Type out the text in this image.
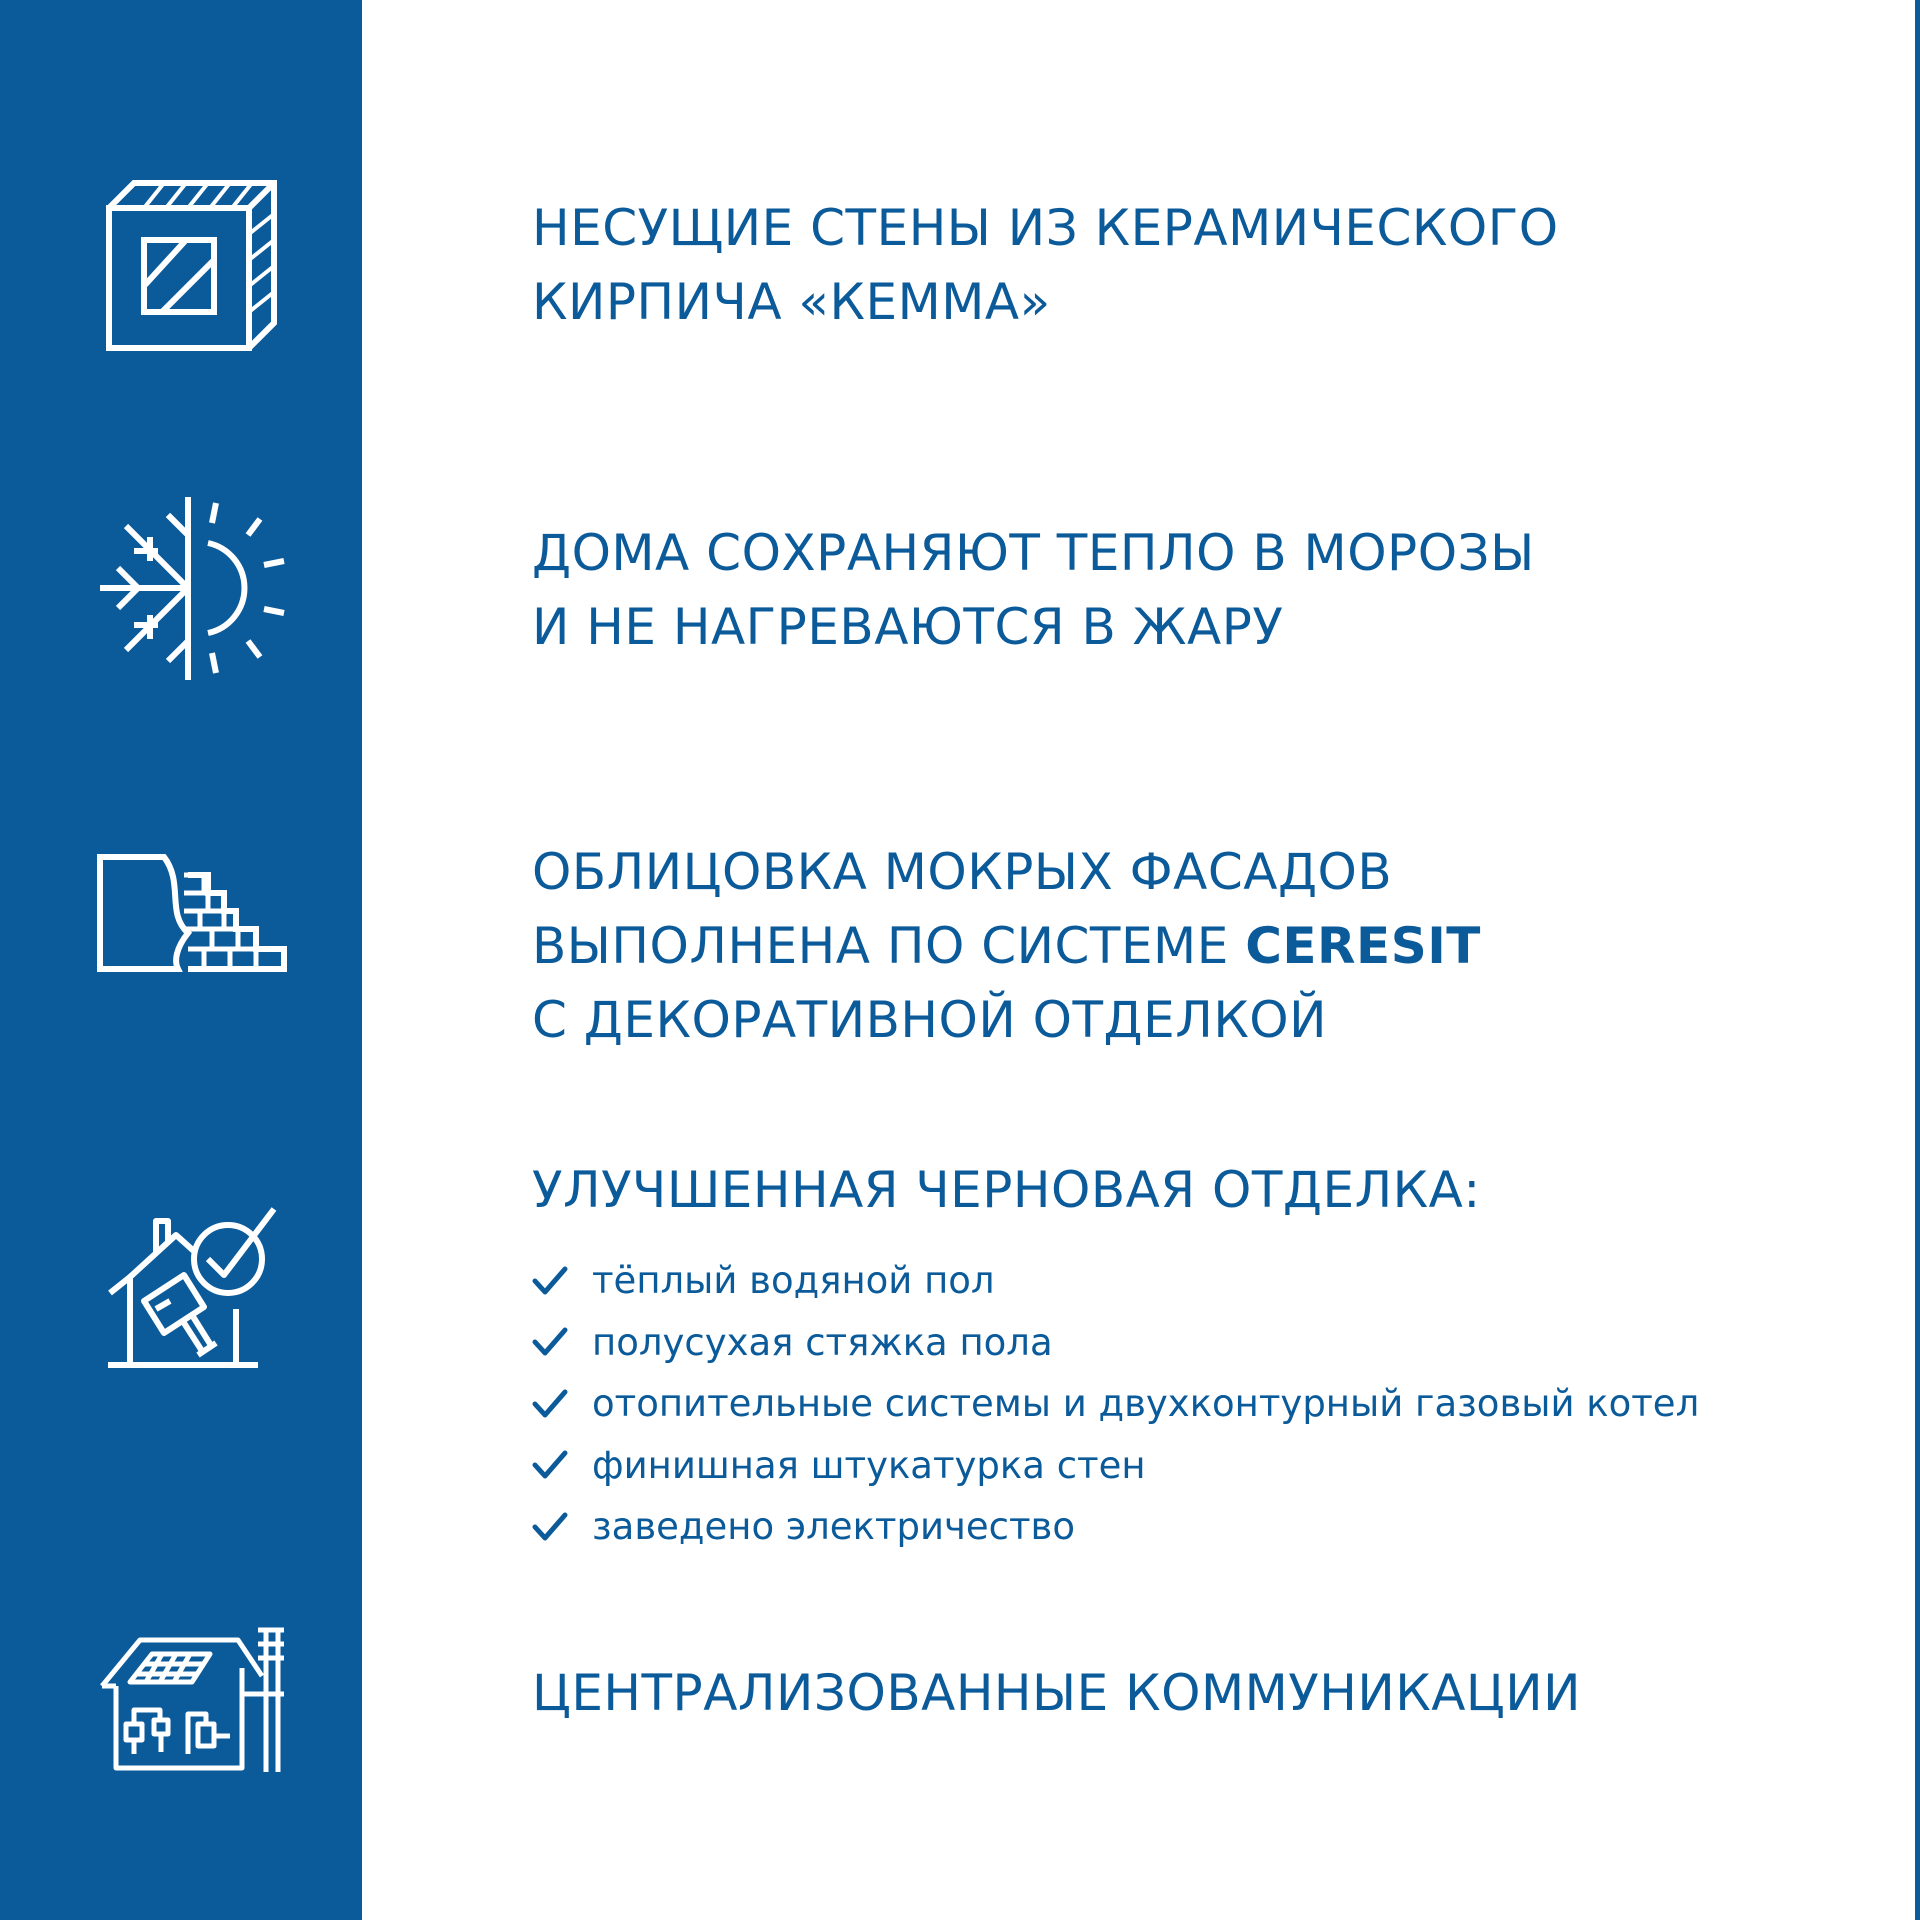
НЕСУЩИЕ СТЕНЫ ИЗ КЕРАМИЧЕСКОГО
КИРПИЧА «КЕММА»
ДОМА СОХРАНЯЮТ ТЕПЛО В МОРОЗЫ
И НЕ НАГРЕВАЮТСЯ В ЖАРУ
ОБЛИЦОВКА МОКРЫХ ФАСАДОВ
ВЫПОЛНЕНА ПО СИСТЕМЕ CERESIT
С ДЕКОРАТИВНОЙ ОТДЕЛКОЙ
УЛУЧШЕННАЯ ЧЕРНОВАЯ ОТДЕЛКА:
тёплый водяной пол
полусухая стяжка пола
отопительные системы и двухконтурный газовый котел
финишная штукатурка стен
заведено электричество
ЦЕНТРАЛИЗОВАННЫЕ КОММУНИКАЦИИ
